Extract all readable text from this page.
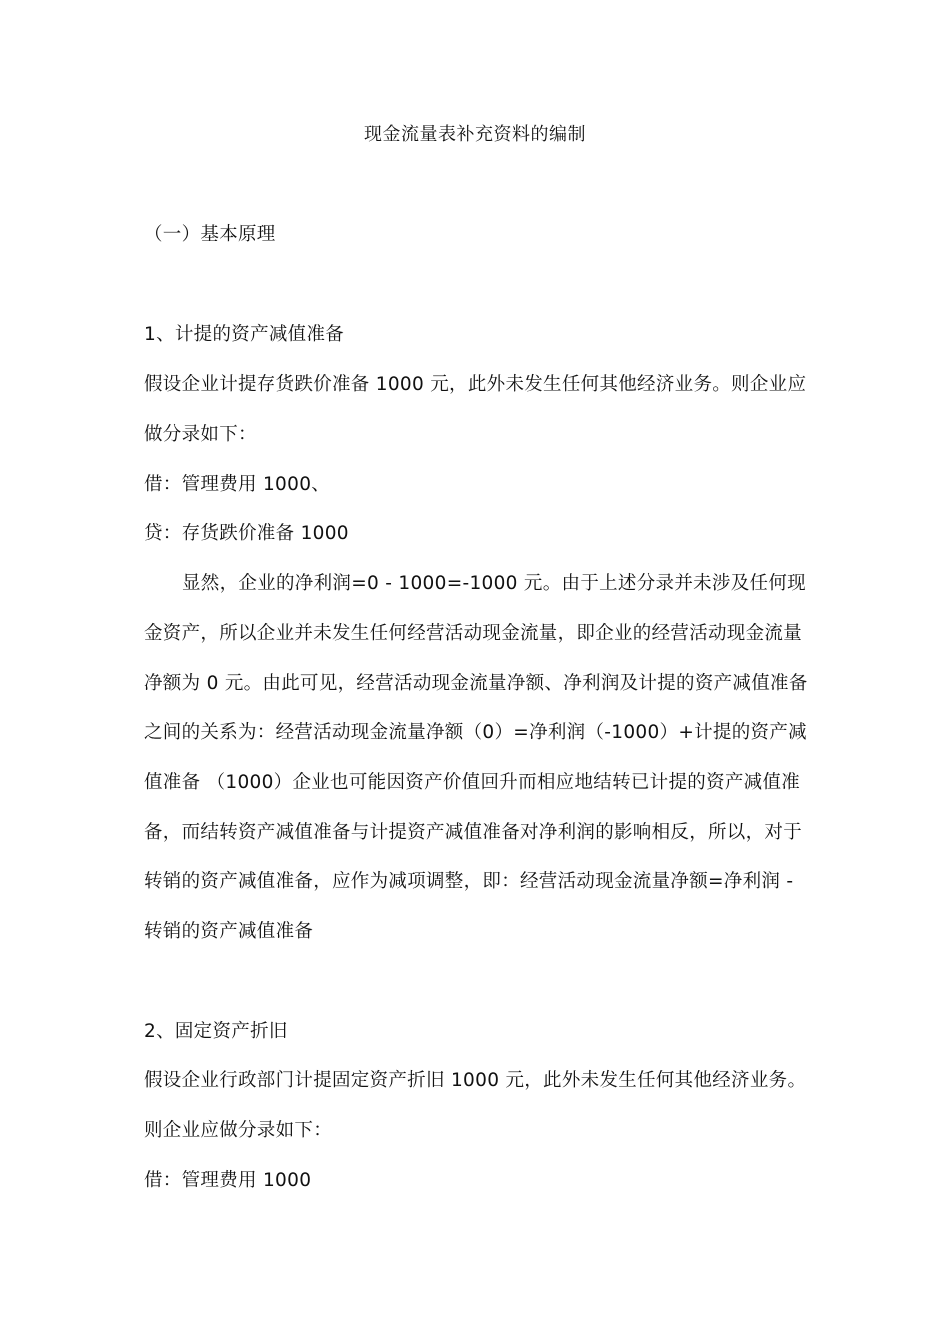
现金流量表补充资料的编制
（一）基本原理
1、计提的资产减值准备
假设企业计提存货跌价准备 1000 元，此外未发生任何其他经济业务。则企业应
做分录如下：
借：管理费用 1000、
贷：存货跌价准备 1000
显然，企业的净利润=0 - 1000=-1000 元。由于上述分录并未涉及任何现
金资产，所以企业并未发生任何经营活动现金流量，即企业的经营活动现金流量
净额为 0 元。由此可见，经营活动现金流量净额、净利润及计提的资产减值准备
之间的关系为：经营活动现金流量净额（0）=净利润（-1000）+计提的资产减
值准备 （1000）企业也可能因资产价值回升而相应地结转已计提的资产减值准
备，而结转资产减值准备与计提资产减值准备对净利润的影响相反，所以，对于
转销的资产减值准备，应作为减项调整，即：经营活动现金流量净额=净利润 -
转销的资产减值准备
2、固定资产折旧
假设企业行政部门计提固定资产折旧 1000 元，此外未发生任何其他经济业务。
则企业应做分录如下：
借：管理费用 1000
